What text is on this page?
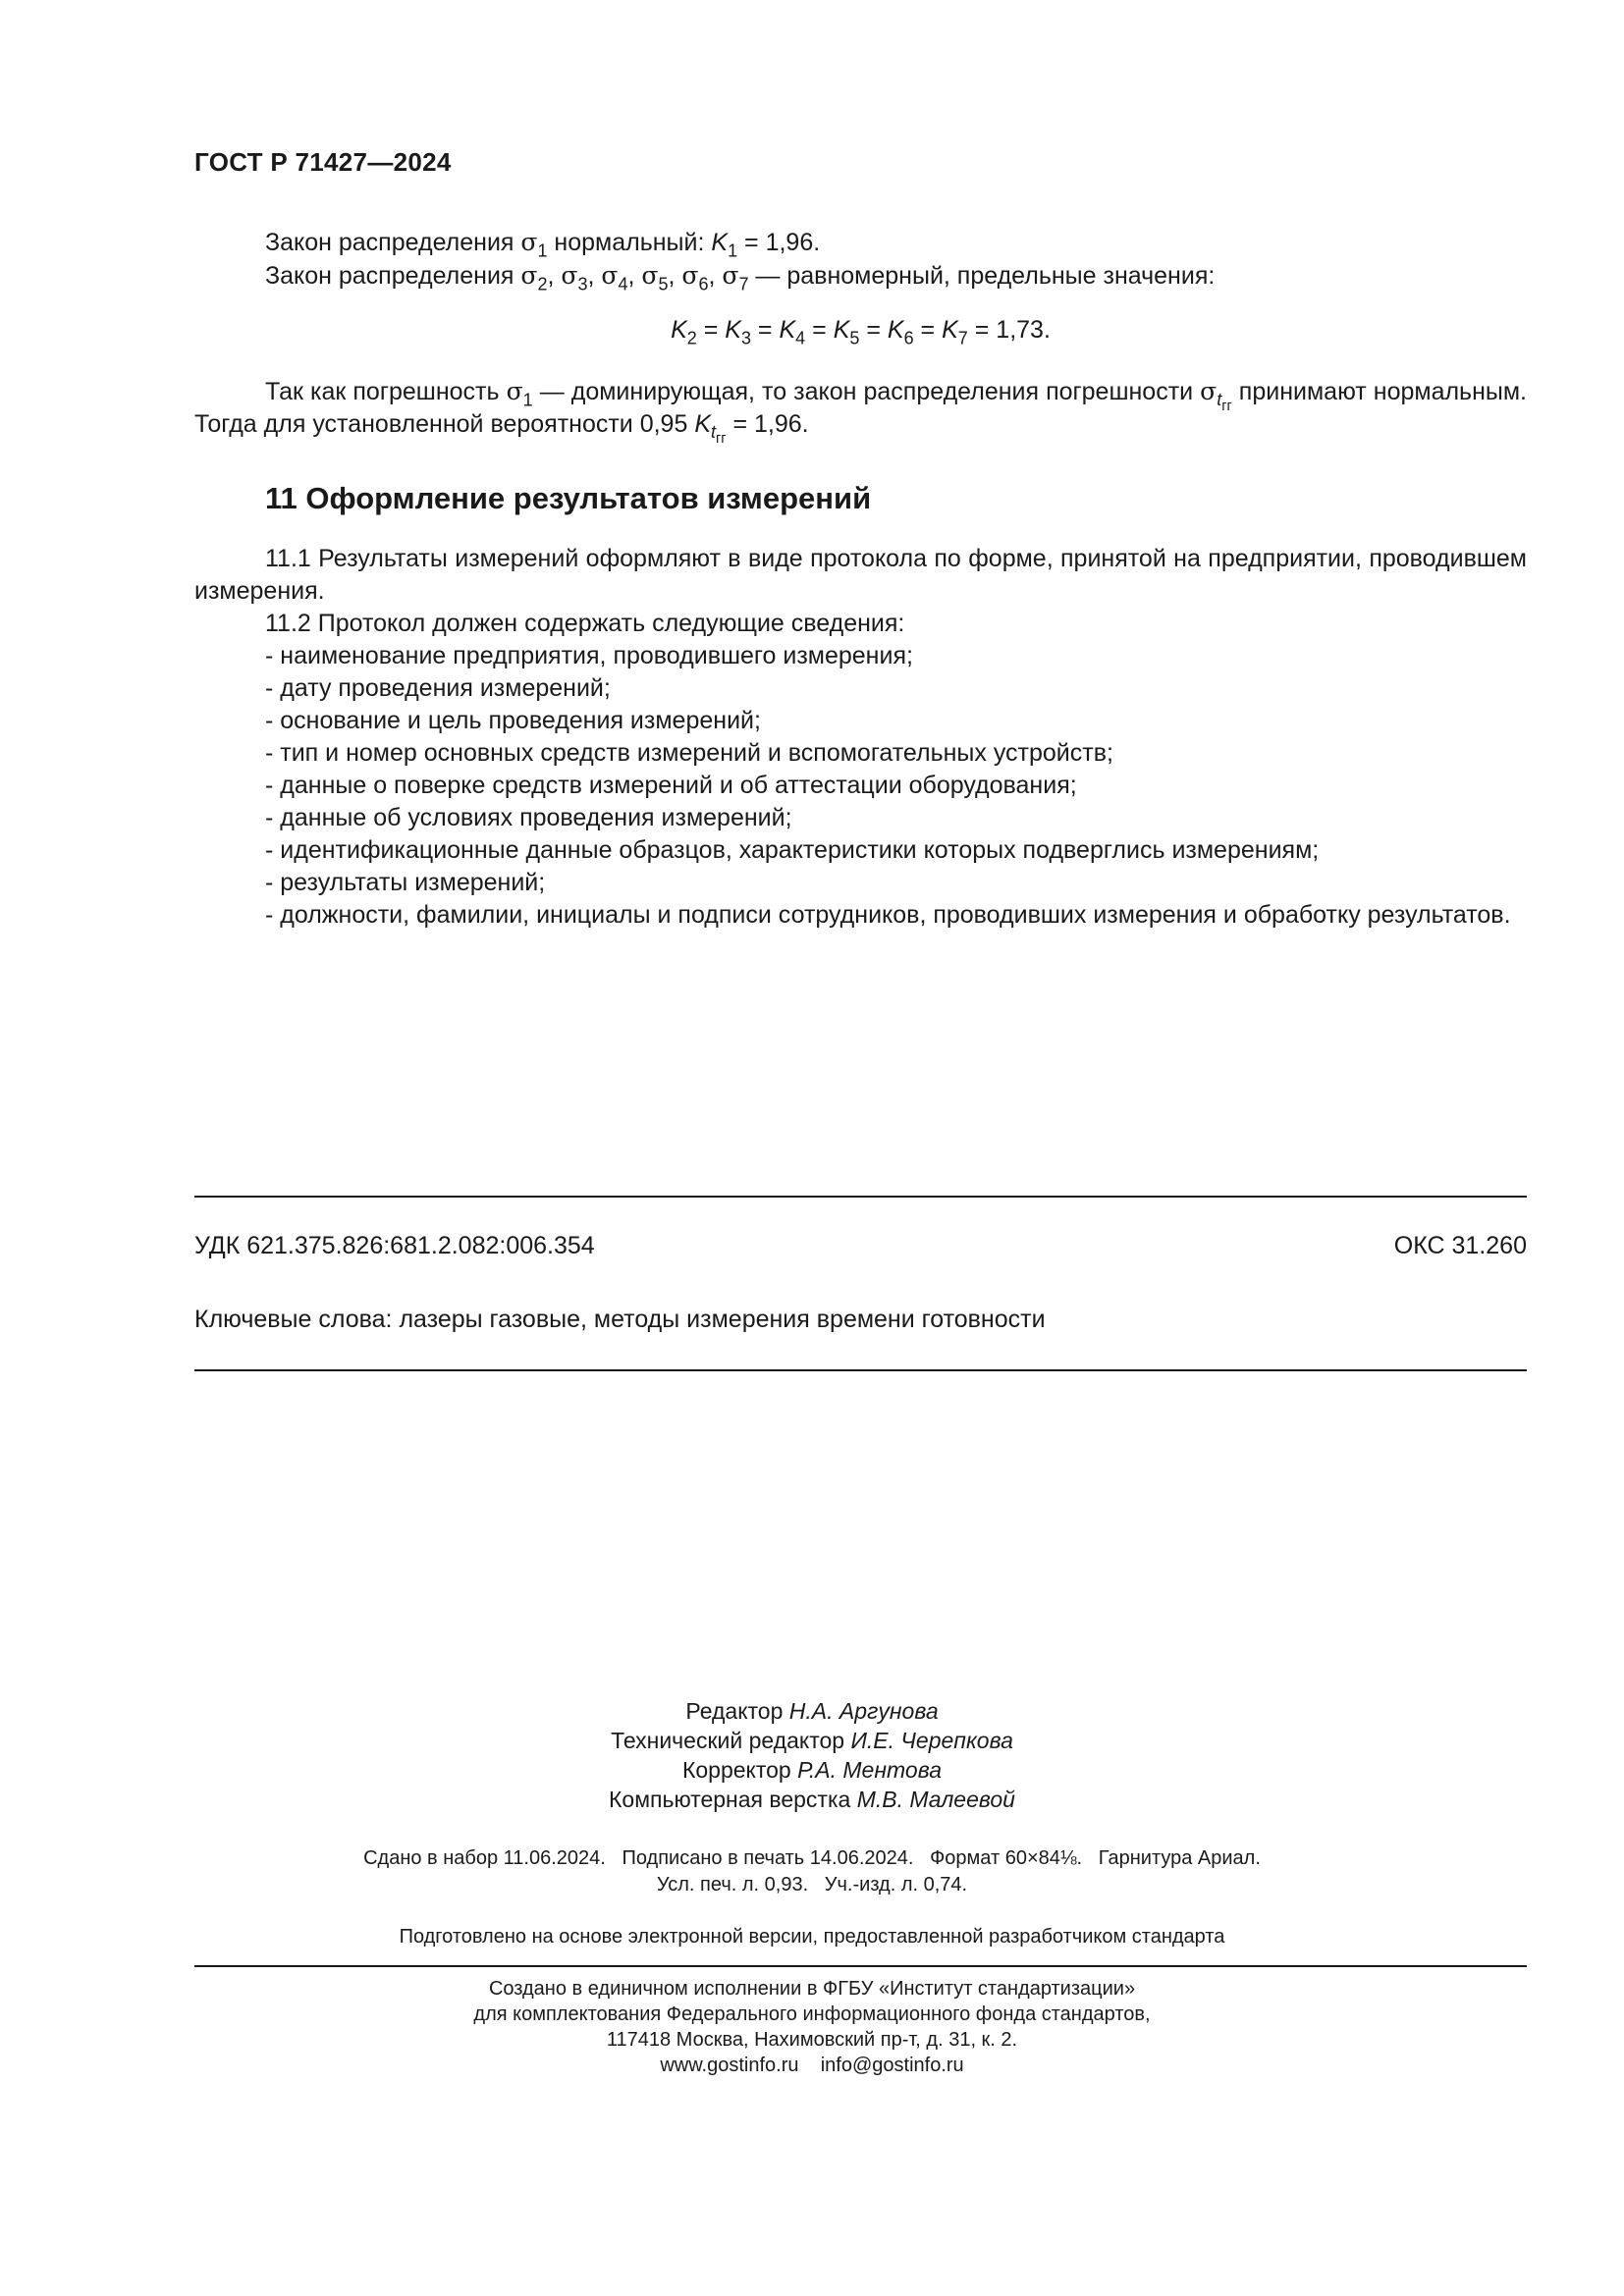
ГОСТ Р 71427—2024
Закон распределения $\sigma_1$ нормальный: $K_1 = 1,96$.
Закон распределения $\sigma_2$, $\sigma_3$, $\sigma_4$, $\sigma_5$, $\sigma_6$, $\sigma_7$ — равномерный, предельные значения:
$K_2 = K_3 = K_4 = K_5 = K_6 = K_7 = 1,73$.
Так как погрешность $\sigma_1$ — доминирующая, то закон распределения погрешности $\sigma_{t_{гг}}$ принимают нормальным. Тогда для установленной вероятности 0,95 $K_{t_{гг}} = 1,96$.
11 Оформление результатов измерений
11.1 Результаты измерений оформляют в виде протокола по форме, принятой на предприятии, проводившем измерения.
11.2 Протокол должен содержать следующие сведения:

- наименование предприятия, проводившего измерения;

- дату проведения измерений;

- основание и цель проведения измерений;

- тип и номер основных средств измерений и вспомогательных устройств;

- данные о поверке средств измерений и об аттестации оборудования;

- данные об условиях проведения измерений;

- идентификационные данные образцов, характеристики которых подверглись измерениям;

- результаты измерений;

- должности, фамилии, инициалы и подписи сотрудников, проводивших измерения и обработку результатов.

УДК 621.375.826:681.2.082:006.354	ОКС 31.260
Ключевые слова: лазеры газовые, методы измерения времени готовности
Редактор Н.А. Аргунова
Технический редактор И.Е. Черепкова
Корректор Р.А. Ментова
Компьютерная верстка М.В. Малеевой
Сдано в набор 11.06.2024.   Подписано в печать 14.06.2024.   Формат 60×84⅛.   Гарнитура Ариал.
Усл. печ. л. 0,93.   Уч.-изд. л. 0,74.
Подготовлено на основе электронной версии, предоставленной разработчиком стандарта
Создано в единичном исполнении в ФГБУ «Институт стандартизации»
для комплектования Федерального информационного фонда стандартов,
117418 Москва, Нахимовский пр-т, д. 31, к. 2.
www.gostinfo.ru    info@gostinfo.ru
